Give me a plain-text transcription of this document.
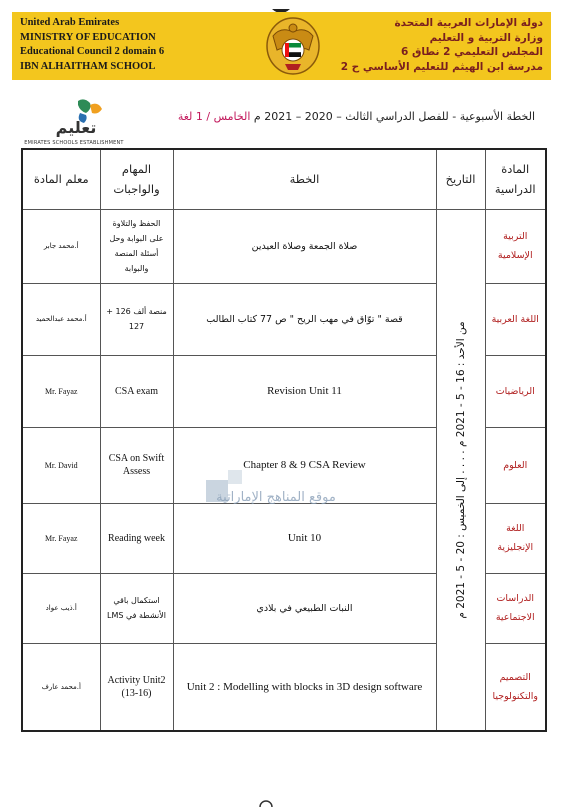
United Arab Emirates
MINISTRY OF EDUCATION
Educational Council 2 domain 6
IBN ALHAITHAM SCHOOL
دولة الإمارات العربية المتحدة
وزارة التربية و التعليم
المجلس التعليمي 2 نطاق 6
مدرسة ابن الهيثم للتعليم الأساسي ح 2
تعليم
EMIRATES SCHOOLS ESTABLISHMENT
الخطة الأسبوعية - للفصل الدراسي الثالث – 2020 – 2021 م الخامس / 1 لغة
معلم المادة	المهام والواجبات	الخطة	التاريخ	المادة الدراسية
أ.محمد جابر	الحفظ والتلاوة على البوابة وحل أسئلة المنصة والبوابة	صلاة الجمعة وصلاة العيدين	من الأحد : 16 - 5 - 2021 م . . . . إلى الخميس : 20 - 5 - 2021 م	التربية الإسلامية
أ.محمد عبدالحميد	منصة ألف 126 + 127	قصة " توّاق في مهب الريح " ص 77 كتاب الطالب		اللغة العربية
Mr. Fayaz	CSA exam	Revision Unit 11		الرياضيات
Mr. David	CSA on Swift Assess	Chapter 8 & 9 CSA Review		العلوم
Mr. Fayaz	Reading week	Unit 10		اللغة الإنجليزية
أ.ذيب عواد	استكمال باقي الأنشطة في LMS	النبات الطبيعي في بلادي		الدراسات الاجتماعية
أ.محمد عارف	Activity Unit2 (13-16)	Unit 2 : Modelling with blocks in 3D design software		التصميم والتكنولوجيا
موقع المناهج الإماراتية
